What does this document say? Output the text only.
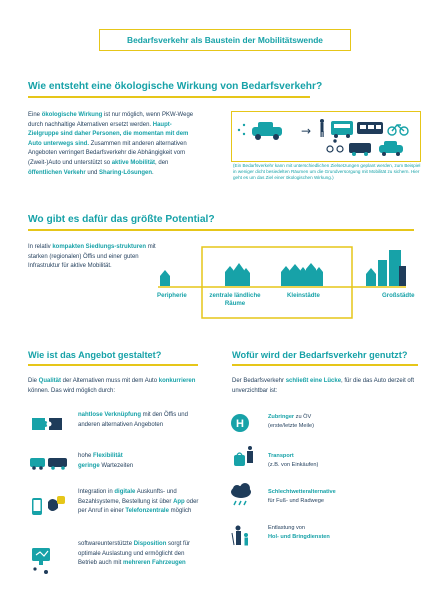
Bedarfsverkehr als Baustein der Mobilitätswende
Wie entsteht eine ökologische Wirkung von Bedarfsverkehr?
Eine ökologische Wirkung ist nur möglich, wenn PKW-Wege durch nachhaltige Alternativen ersetzt werden. Haupt-Zielgruppe sind daher Personen, die momentan mit dem Auto unterwegs sind. Zusammen mit anderen alternativen Angeboten verringert Bedarfsverkehr die Abhängigkeit vom (Zweit-)Auto und unterstützt so aktive Mobilität, den öffentlichen Verkehr und Sharing-Lösungen.
→
(Ein Bedarfsverkehr kann mit unterschiedlichen Zielsetzungen geplant werden, zum Beispiel in weniger dicht besiedelten Räumen um die Grundversorgung mit Mobilität zu sichern. Hier geht es um das Ziel einer ökologischen Wirkung.)
Wo gibt es dafür das größte Potential?
In relativ kompakten Siedlungs-strukturen mit starken (regionalen) Öffis und einer guten Infrastruktur für aktive Mobilität.
Peripherie	zentrale ländliche Räume
Kleinstädte	Großstädte
Wie ist das Angebot gestaltet?
Die Qualität der Alternativen muss mit dem Auto konkurrieren können. Das wird möglich durch:
nahtlose Verknüpfung mit den Öffis und anderen alternativen Angeboten
hohe Flexibilität
geringe Wartezeiten
Integration in digitale Auskunfts- und Bezahlsysteme, Bestellung ist über App oder per Anruf in einer Telefonzentrale möglich
softwareunterstützte Disposition sorgt für optimale Auslastung und ermöglicht den Betrieb auch mit mehreren Fahrzeugen
Wofür wird der Bedarfsverkehr genutzt?
Der Bedarfsverkehr schließt eine Lücke, für die das Auto derzeit oft unverzichtbar ist:
H
Zubringer zu ÖV
(erste/letzte Meile)
Transport
(z.B. von Einkäufen)
Schlechtwetteralternative
für Fuß- und Radwege
Entlastung von
Hol- und Bringdiensten
